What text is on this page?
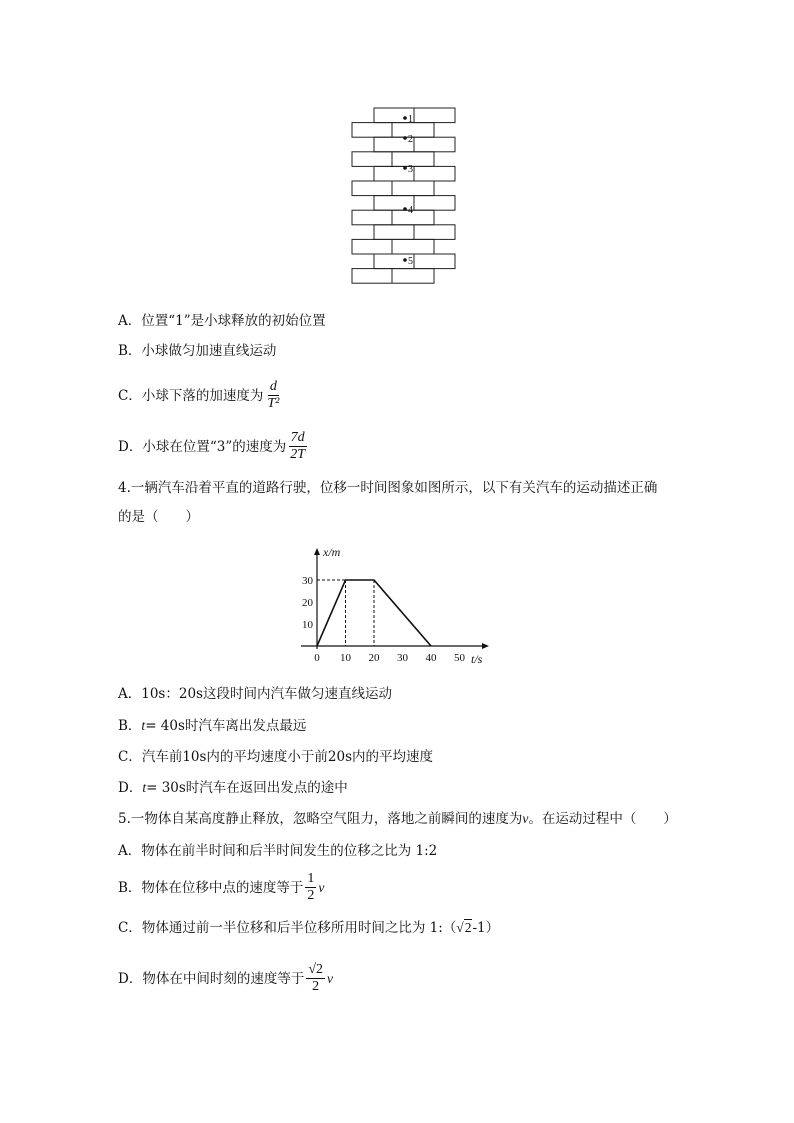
1
2
3
4
5
A．位置“1”是小球释放的初始位置
B．小球做匀加速直线运动
C．小球下落的加速度为 $\frac{d}{\text{T²}}$
D．小球在位置“3”的速度为 $\frac{7d}{2T}$
4.一辆汽车沿着平直的道路行驶，位移一时间图象如图所示，以下有关汽车的运动描述正确
的是（　　）
x/m
t/s
0 10 20 30 40 50
10
20
30
A．10s：20s这段时间内汽车做匀速直线运动
B．t= 40s时汽车离出发点最远
C．汽车前10s内的平均速度小于前20s内的平均速度
D．t= 30s时汽车在返回出发点的途中
5.一物体自某高度静止释放，忽略空气阻力，落地之前瞬间的速度为v。在运动过程中（　　）
A．物体在前半时间和后半时间发生的位移之比为 1:2
B．物体在位移中点的速度等于 $\frac{1}{2}$ v
C．物体通过前一半位移和后半位移所用时间之比为 1:（√2-1）
D．物体在中间时刻的速度等于 $\frac{√2}{2}$ v
